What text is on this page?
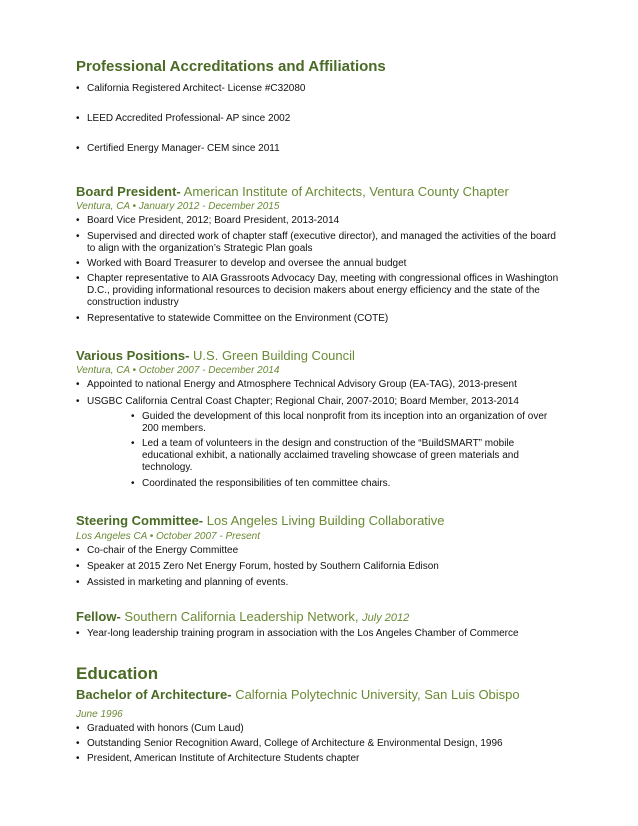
Professional Accreditations and Affiliations
• California Registered Architect- License #C32080
• LEED Accredited Professional- AP since 2002
• Certified Energy Manager- CEM since 2011
Board President- American Institute of Architects, Ventura County Chapter
Ventura, CA • January 2012 - December 2015
• Board Vice President, 2012; Board President, 2013-2014
• Supervised and directed work of chapter staff (executive director), and managed the activities of the board to align with the organization’s Strategic Plan goals
• Worked with Board Treasurer to develop and oversee the annual budget
• Chapter representative to AIA Grassroots Advocacy Day, meeting with congressional offices in Washington D.C., providing informational resources to decision makers about energy efficiency and the state of the construction industry
• Representative to statewide Committee on the Environment (COTE)
Various Positions- U.S. Green Building Council
Ventura, CA • October 2007 - December 2014
• Appointed to national Energy and Atmosphere Technical Advisory Group (EA-TAG), 2013-present
• USGBC California Central Coast Chapter; Regional Chair, 2007-2010; Board Member, 2013-2014
• Guided the development of this local nonprofit from its inception into an organization of over 200 members.
• Led a team of volunteers in the design and construction of the “BuildSMART” mobile educational exhibit, a nationally acclaimed traveling showcase of green materials and technology.
• Coordinated the responsibilities of ten committee chairs.
Steering Committee- Los Angeles Living Building Collaborative
Los Angeles CA • October 2007 - Present
• Co-chair of the Energy Committee
• Speaker at 2015 Zero Net Energy Forum, hosted by Southern California Edison
• Assisted in marketing and planning of events.
Fellow- Southern California Leadership Network, July 2012
• Year-long leadership training program in association with the Los Angeles Chamber of Commerce
Education
Bachelor of Architecture- Calfornia Polytechnic University, San Luis Obispo
June 1996
• Graduated with honors (Cum Laud)
• Outstanding Senior Recognition Award, College of Architecture & Environmental Design, 1996
• President, American Institute of Architecture Students chapter
